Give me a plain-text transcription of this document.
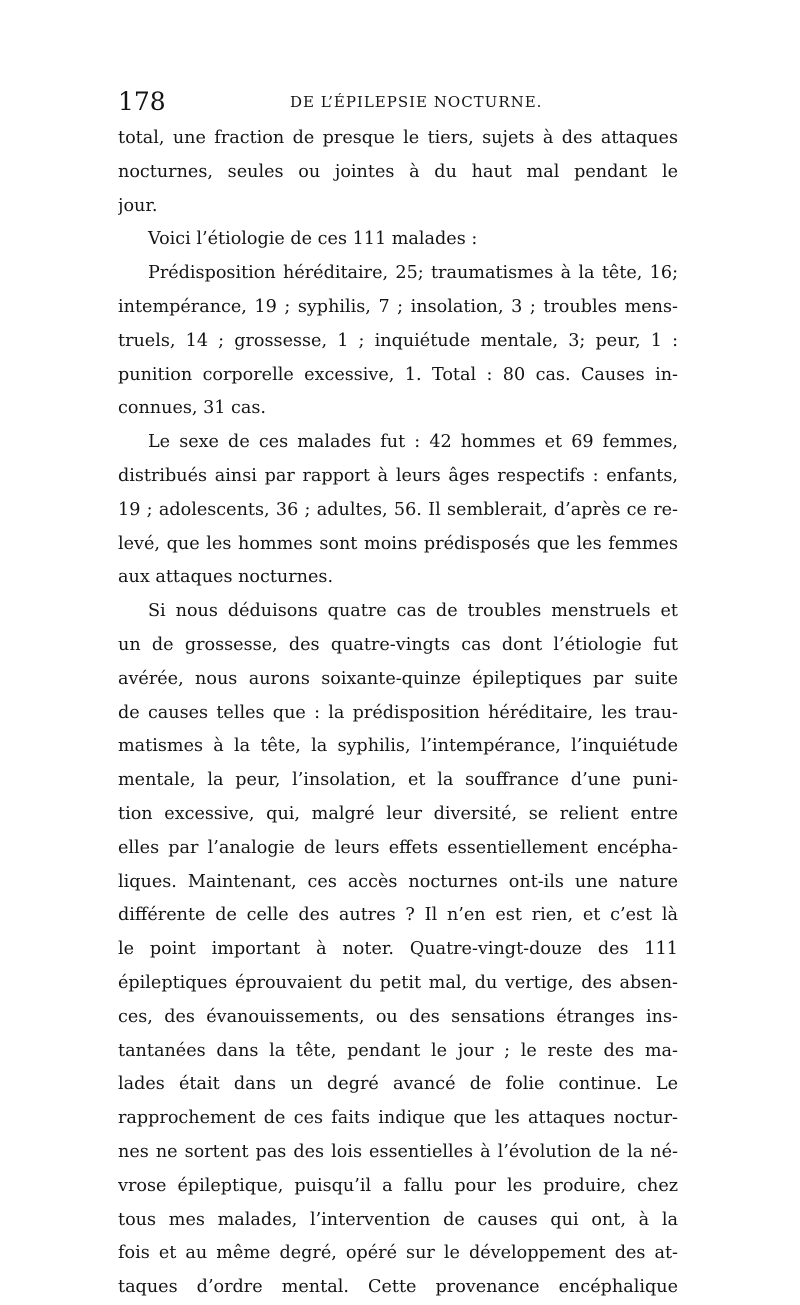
178	DE L’ÉPILEPSIE NOCTURNE.
total, une fraction de presque le tiers, sujets à des attaques
nocturnes, seules ou jointes à du haut mal pendant le
jour.
Voici l’étiologie de ces 111 malades :
Prédisposition héréditaire, 25; traumatismes à la tête, 16;
intempérance, 19 ; syphilis, 7 ; insolation, 3 ; troubles mens-
truels, 14 ; grossesse, 1 ; inquiétude mentale, 3; peur, 1 :
punition corporelle excessive, 1. Total : 80 cas. Causes in-
connues, 31 cas.
Le sexe de ces malades fut : 42 hommes et 69 femmes,
distribués ainsi par rapport à leurs âges respectifs : enfants,
19 ; adolescents, 36 ; adultes, 56. Il semblerait, d’après ce re-
levé, que les hommes sont moins prédisposés que les femmes
aux attaques nocturnes.
Si nous déduisons quatre cas de troubles menstruels et
un de grossesse, des quatre-vingts cas dont l’étiologie fut
avérée, nous aurons soixante-quinze épileptiques par suite
de causes telles que : la prédisposition héréditaire, les trau-
matismes à la tête, la syphilis, l’intempérance, l’inquiétude
mentale, la peur, l’insolation, et la souffrance d’une puni-
tion excessive, qui, malgré leur diversité, se relient entre
elles par l’analogie de leurs effets essentiellement encépha-
liques. Maintenant, ces accès nocturnes ont-ils une nature
différente de celle des autres ? Il n’en est rien, et c’est là
le point important à noter. Quatre-vingt-douze des 111
épileptiques éprouvaient du petit mal, du vertige, des absen-
ces, des évanouissements, ou des sensations étranges ins-
tantanées dans la tête, pendant le jour ; le reste des ma-
lades était dans un degré avancé de folie continue. Le
rapprochement de ces faits indique que les attaques noctur-
nes ne sortent pas des lois essentielles à l’évolution de la né-
vrose épileptique, puisqu’il a fallu pour les produire, chez
tous mes malades, l’intervention de causes qui ont, à la
fois et au même degré, opéré sur le développement des at-
taques d’ordre mental. Cette provenance encéphalique
